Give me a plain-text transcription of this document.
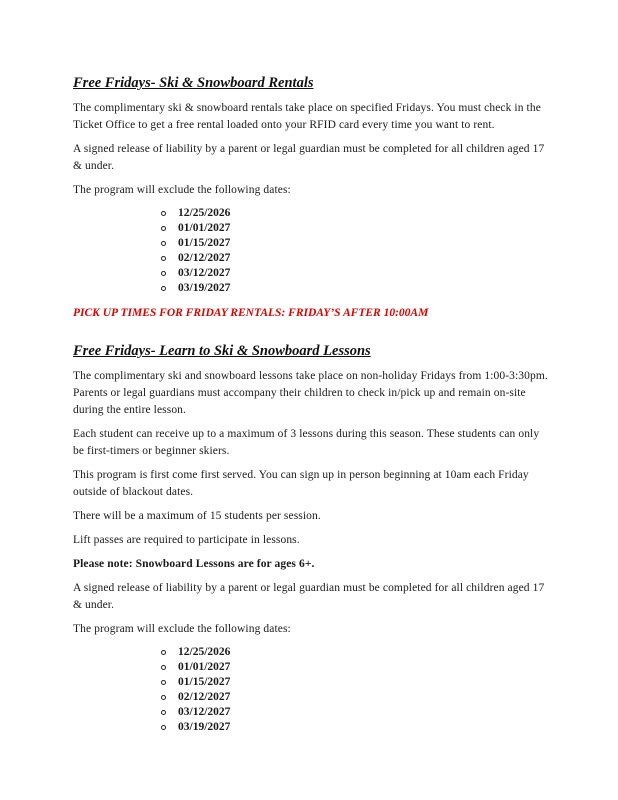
Free Fridays- Ski & Snowboard Rentals

The complimentary ski & snowboard rentals take place on specified Fridays. You must check in the Ticket Office to get a free rental loaded onto your RFID card every time you want to rent.

A signed release of liability by a parent or legal guardian must be completed for all children aged 17 & under.

The program will exclude the following dates:

12/25/2026
01/01/2027
01/15/2027
02/12/2027
03/12/2027
03/19/2027

PICK UP TIMES FOR FRIDAY RENTALS: FRIDAY’S AFTER 10:00AM

Free Fridays- Learn to Ski & Snowboard Lessons

The complimentary ski and snowboard lessons take place on non-holiday Fridays from 1:00-3:30pm. Parents or legal guardians must accompany their children to check in/pick up and remain on-site during the entire lesson.

Each student can receive up to a maximum of 3 lessons during this season. These students can only be first-timers or beginner skiers.

This program is first come first served. You can sign up in person beginning at 10am each Friday outside of blackout dates.

There will be a maximum of 15 students per session.

Lift passes are required to participate in lessons.

Please note: Snowboard Lessons are for ages 6+.

A signed release of liability by a parent or legal guardian must be completed for all children aged 17 & under.

The program will exclude the following dates:

12/25/2026
01/01/2027
01/15/2027
02/12/2027
03/12/2027
03/19/2027
